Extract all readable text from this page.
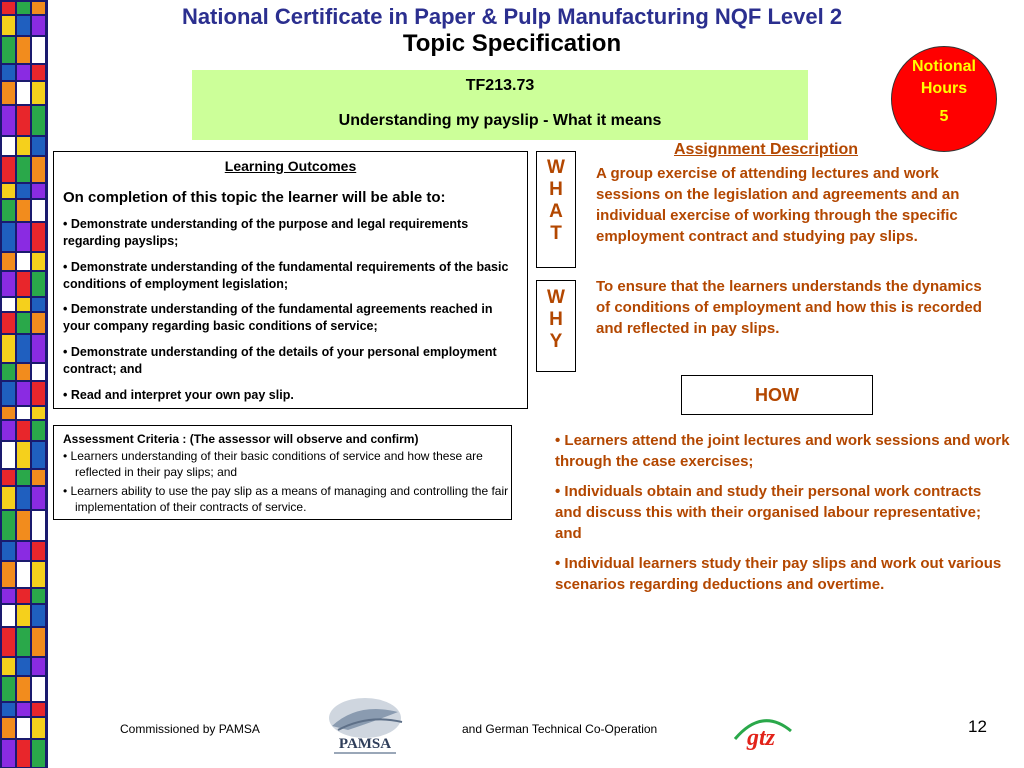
National Certificate in Paper & Pulp Manufacturing NQF Level 2
Topic Specification
TF213.73
Understanding my payslip - What it means
Notional
Hours
5
Learning Outcomes
On completion of this topic the learner will be able to:
• Demonstrate understanding of the purpose and legal requirements regarding payslips;
• Demonstrate understanding of the fundamental requirements of the basic conditions of employment legislation;
• Demonstrate understanding of the fundamental agreements reached in your company regarding basic conditions of service;
• Demonstrate understanding of the details of your personal employment contract; and
• Read and interpret your own pay slip.
Assessment Criteria : (The assessor will observe and confirm)
• Learners understanding of their basic conditions of service and how these are reflected in their pay slips; and
• Learners ability to use the pay slip as a means of managing and controlling the fair implementation of their contracts of service.
W
H
A
T
W
H
Y
Assignment Description
A group exercise of attending lectures and work sessions on the legislation and agreements and an individual exercise of working through the specific employment contract and studying pay slips.
To ensure that the learners understands the dynamics of conditions of employment and how this is recorded and reflected in pay slips.
HOW
• Learners attend the joint lectures and work sessions and work through the case exercises;
• Individuals obtain and study their personal work contracts and discuss this with their organised labour representative; and
• Individual learners study their pay slips and work out various scenarios regarding deductions and overtime.
Commissioned by PAMSA
PAMSA
and German Technical Co-Operation	gtz	12
